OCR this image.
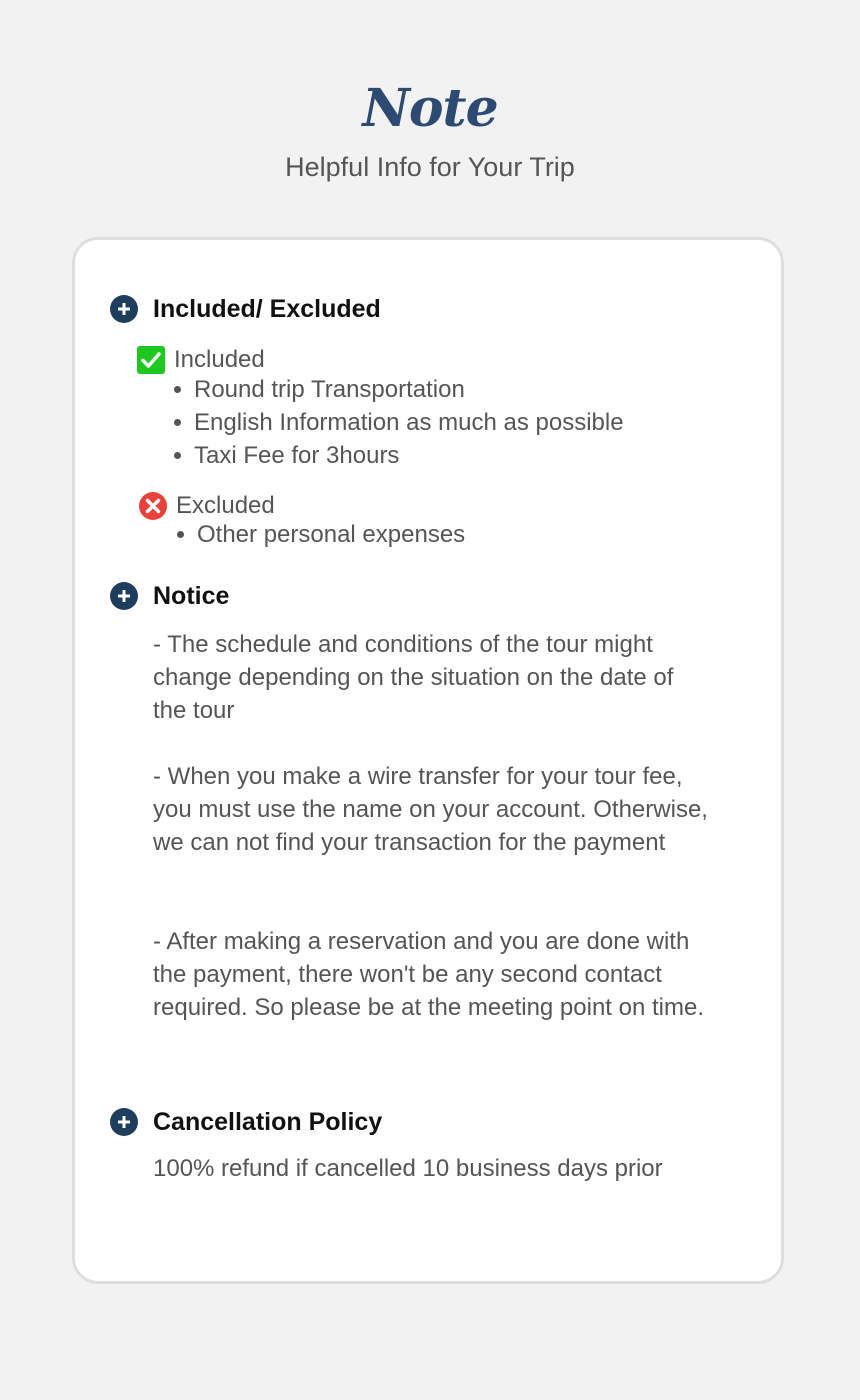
Note
Helpful Info for Your Trip
Included/ Excluded
Included
Round trip Transportation
English Information as much as possible
Taxi Fee for 3hours
Excluded
Other personal expenses
Notice

- The schedule and conditions of the tour might change depending on the situation on the date of the tour

- When you make a wire transfer for your tour fee, you must use the name on your account. Otherwise, we can not find your transaction for the payment

- After making a reservation and you are done with the payment, there won't be any second contact required. So please be at the meeting point on time.

Cancellation Policy

100% refund if cancelled 10 business days prior
